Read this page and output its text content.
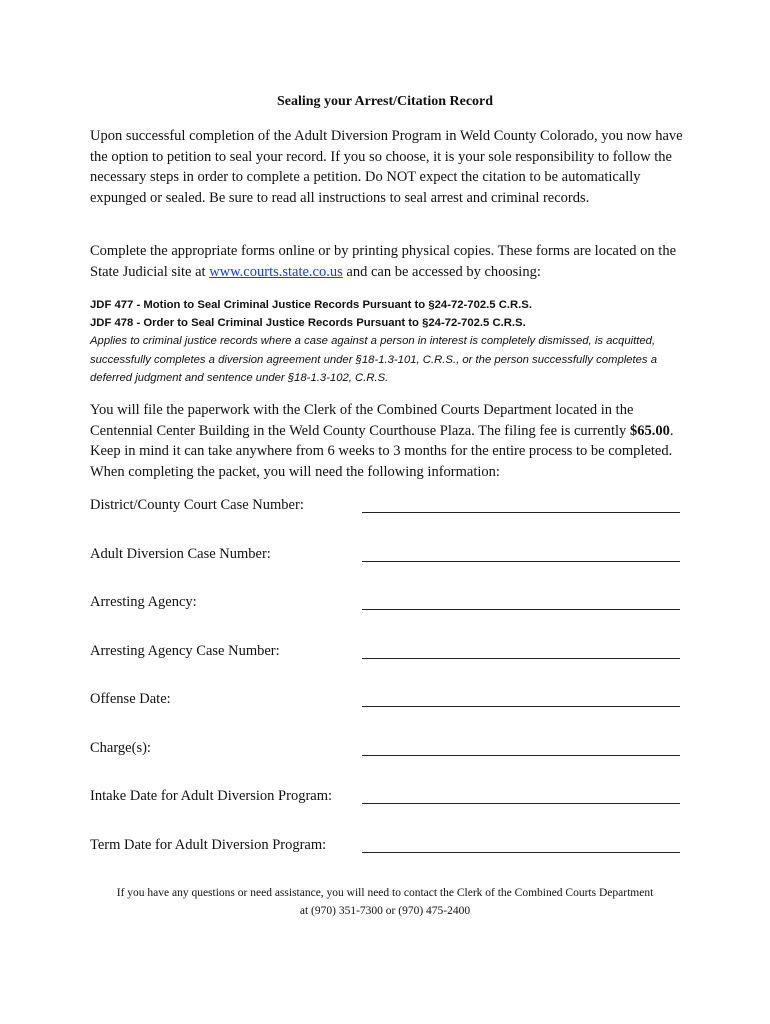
Sealing your Arrest/Citation Record
Upon successful completion of the Adult Diversion Program in Weld County Colorado, you now have the option to petition to seal your record. If you so choose, it is your sole responsibility to follow the necessary steps in order to complete a petition. Do NOT expect the citation to be automatically expunged or sealed. Be sure to read all instructions to seal arrest and criminal records.
Complete the appropriate forms online or by printing physical copies. These forms are located on the State Judicial site at www.courts.state.co.us and can be accessed by choosing:
JDF 477 - Motion to Seal Criminal Justice Records Pursuant to §24-72-702.5 C.R.S.
JDF 478 - Order to Seal Criminal Justice Records Pursuant to §24-72-702.5 C.R.S.
Applies to criminal justice records where a case against a person in interest is completely dismissed, is acquitted, successfully completes a diversion agreement under §18-1.3-101, C.R.S., or the person successfully completes a deferred judgment and sentence under §18-1.3-102, C.R.S.
You will file the paperwork with the Clerk of the Combined Courts Department located in the Centennial Center Building in the Weld County Courthouse Plaza. The filing fee is currently $65.00. Keep in mind it can take anywhere from 6 weeks to 3 months for the entire process to be completed. When completing the packet, you will need the following information:
District/County Court Case Number:
Adult Diversion Case Number:
Arresting Agency:
Arresting Agency Case Number:
Offense Date:
Charge(s):
Intake Date for Adult Diversion Program:
Term Date for Adult Diversion Program:
If you have any questions or need assistance, you will need to contact the Clerk of the Combined Courts Department
at (970) 351-7300 or (970) 475-2400
